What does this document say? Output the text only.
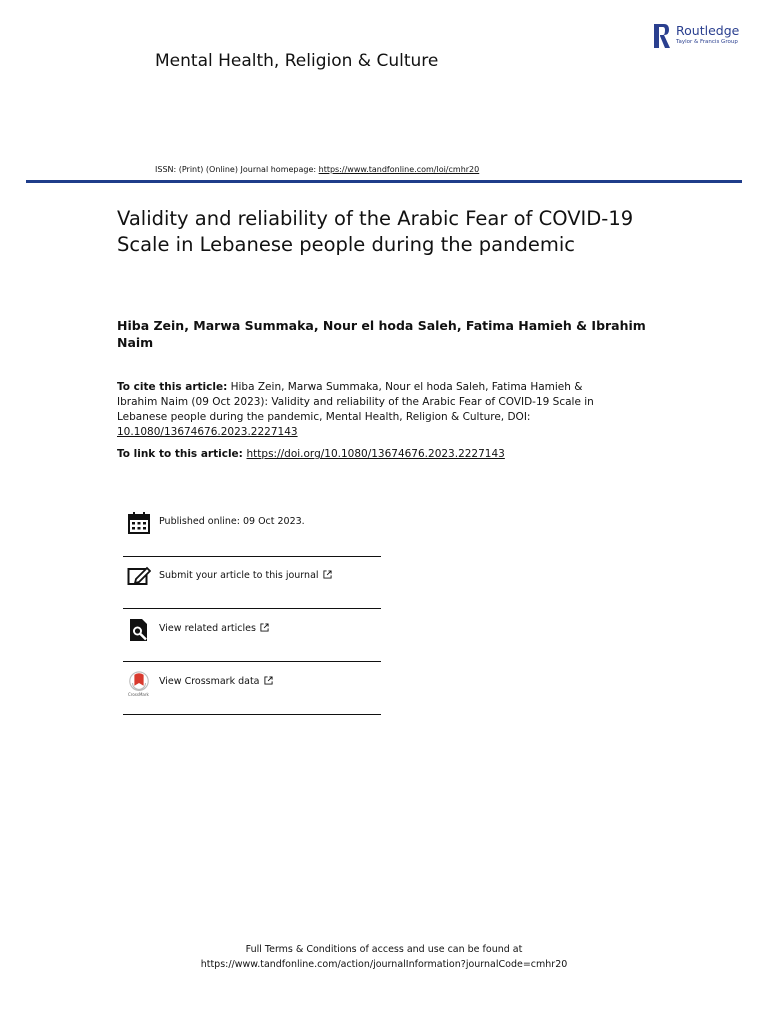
Mental Health, Religion & Culture
Routledge
Taylor & Francis Group
ISSN: (Print) (Online) Journal homepage: https://www.tandfonline.com/loi/cmhr20
Validity and reliability of the Arabic Fear of COVID-19 Scale in Lebanese people during the pandemic
Hiba Zein, Marwa Summaka, Nour el hoda Saleh, Fatima Hamieh & Ibrahim Naim
To cite this article: Hiba Zein, Marwa Summaka, Nour el hoda Saleh, Fatima Hamieh & Ibrahim Naim (09 Oct 2023): Validity and reliability of the Arabic Fear of COVID-19 Scale in Lebanese people during the pandemic, Mental Health, Religion & Culture, DOI: 10.1080/13674676.2023.2227143
To link to this article: https://doi.org/10.1080/13674676.2023.2227143
Published online: 09 Oct 2023.
Submit your article to this journal
View related articles
CrossMark
View Crossmark data
Full Terms & Conditions of access and use can be found at
https://www.tandfonline.com/action/journalInformation?journalCode=cmhr20
